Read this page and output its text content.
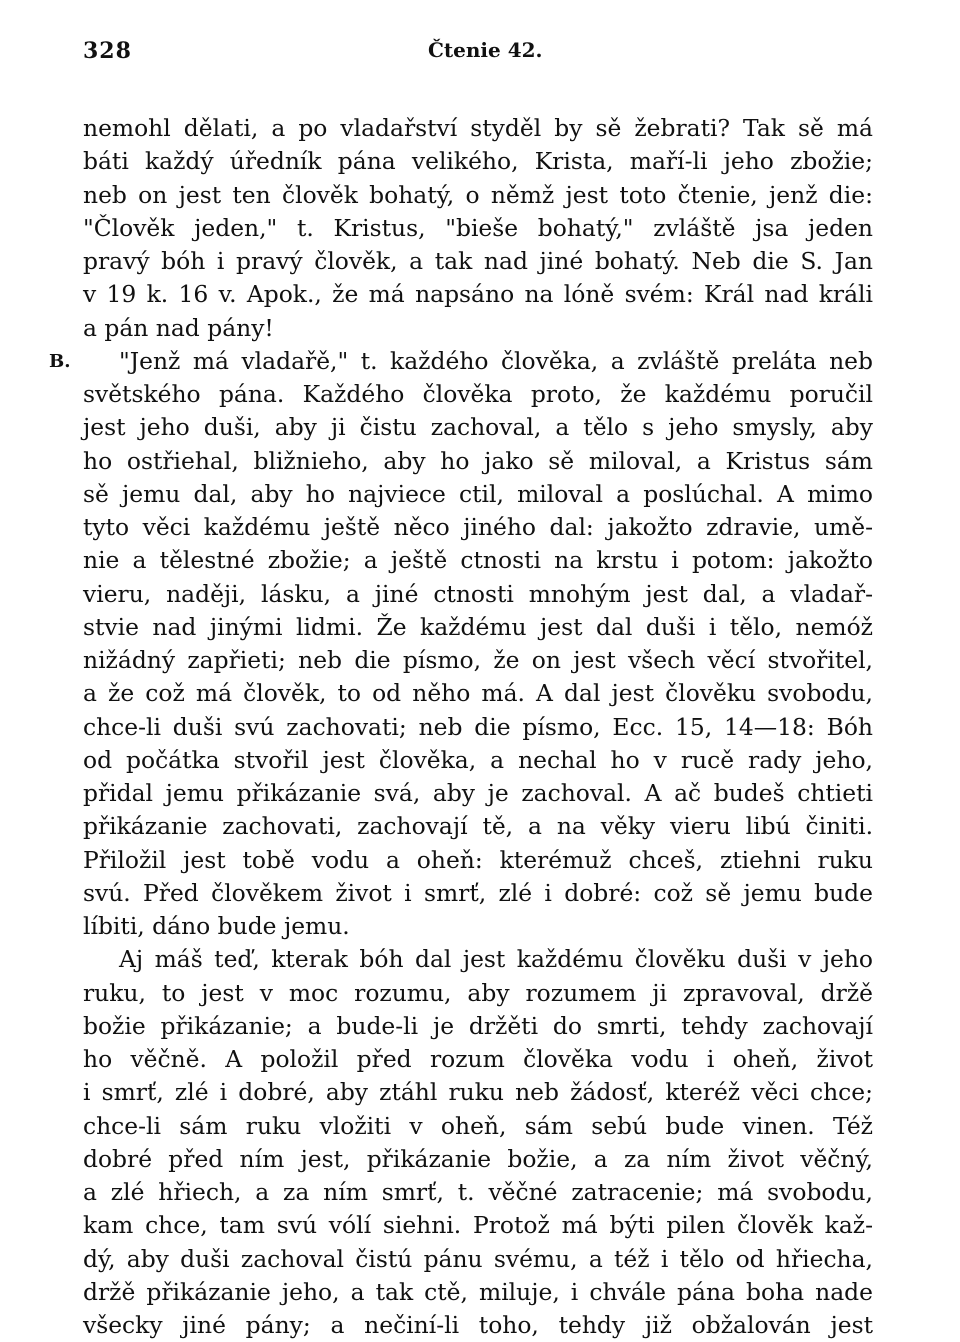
328	Čtenie 42.
nemohl dělati, a po vladařství styděl by sě žebrati? Tak sě má
báti každý úředník pána velikého, Krista, maří-li jeho zbožie;
neb on jest ten člověk bohatý, o němž jest toto čtenie, jenž die:
"Člověk jeden," t. Kristus, "bieše bohatý," zvláště jsa jeden
pravý bóh i pravý člověk, a tak nad jiné bohatý. Neb die S. Jan
v 19 k. 16 v. Apok., že má napsáno na lóně svém: Král nad králi
a pán nad pány!
B. "Jenž má vladařě," t. každého člověka, a zvláště preláta neb
světského pána. Každého člověka proto, že každému poručil
jest jeho duši, aby ji čistu zachoval, a tělo s jeho smysly, aby
ho ostřiehal, bližnieho, aby ho jako sě miloval, a Kristus sám
sě jemu dal, aby ho najviece ctil, miloval a poslúchal. A mimo
tyto věci každému ještě něco jiného dal: jakožto zdravie, umě-
nie a tělestné zbožie; a ještě ctnosti na krstu i potom: jakožto
vieru, naději, lásku, a jiné ctnosti mnohým jest dal, a vladař-
stvie nad jinými lidmi. Že každému jest dal duši i tělo, nemóž
nižádný zapřieti; neb die písmo, že on jest všech věcí stvořitel,
a že což má člověk, to od něho má. A dal jest člověku svobodu,
chce-li duši svú zachovati; neb die písmo, Ecc. 15, 14—18: Bóh
od počátka stvořil jest člověka, a nechal ho v rucě rady jeho,
přidal jemu přikázanie svá, aby je zachoval. A ač budeš chtieti
přikázanie zachovati, zachovají tě, a na věky vieru libú činiti.
Přiložil jest tobě vodu a oheň: kterémuž chceš, ztiehni ruku
svú. Před člověkem život i smrť, zlé i dobré: což sě jemu bude
líbiti, dáno bude jemu.
Aj máš teď, kterak bóh dal jest každému člověku duši v jeho
ruku, to jest v moc rozumu, aby rozumem ji zpravoval, držě
božie přikázanie; a bude-li je držěti do smrti, tehdy zachovají
ho věčně. A položil před rozum člověka vodu i oheň, život
i smrť, zlé i dobré, aby ztáhl ruku neb žádosť, kteréž věci chce;
chce-li sám ruku vložiti v oheň, sám sebú bude vinen. Též
dobré před ním jest, přikázanie božie, a za ním život věčný,
a zlé hřiech, a za ním smrť, t. věčné zatracenie; má svobodu,
kam chce, tam svú vólí siehni. Protož má býti pilen člověk kaž-
dý, aby duši zachoval čistú pánu svému, a též i tělo od hřiecha,
držě přikázanie jeho, a tak ctě, miluje, i chvále pána boha nade
všecky jiné pány; a nečiní-li toho, tehdy již obžalován jest
